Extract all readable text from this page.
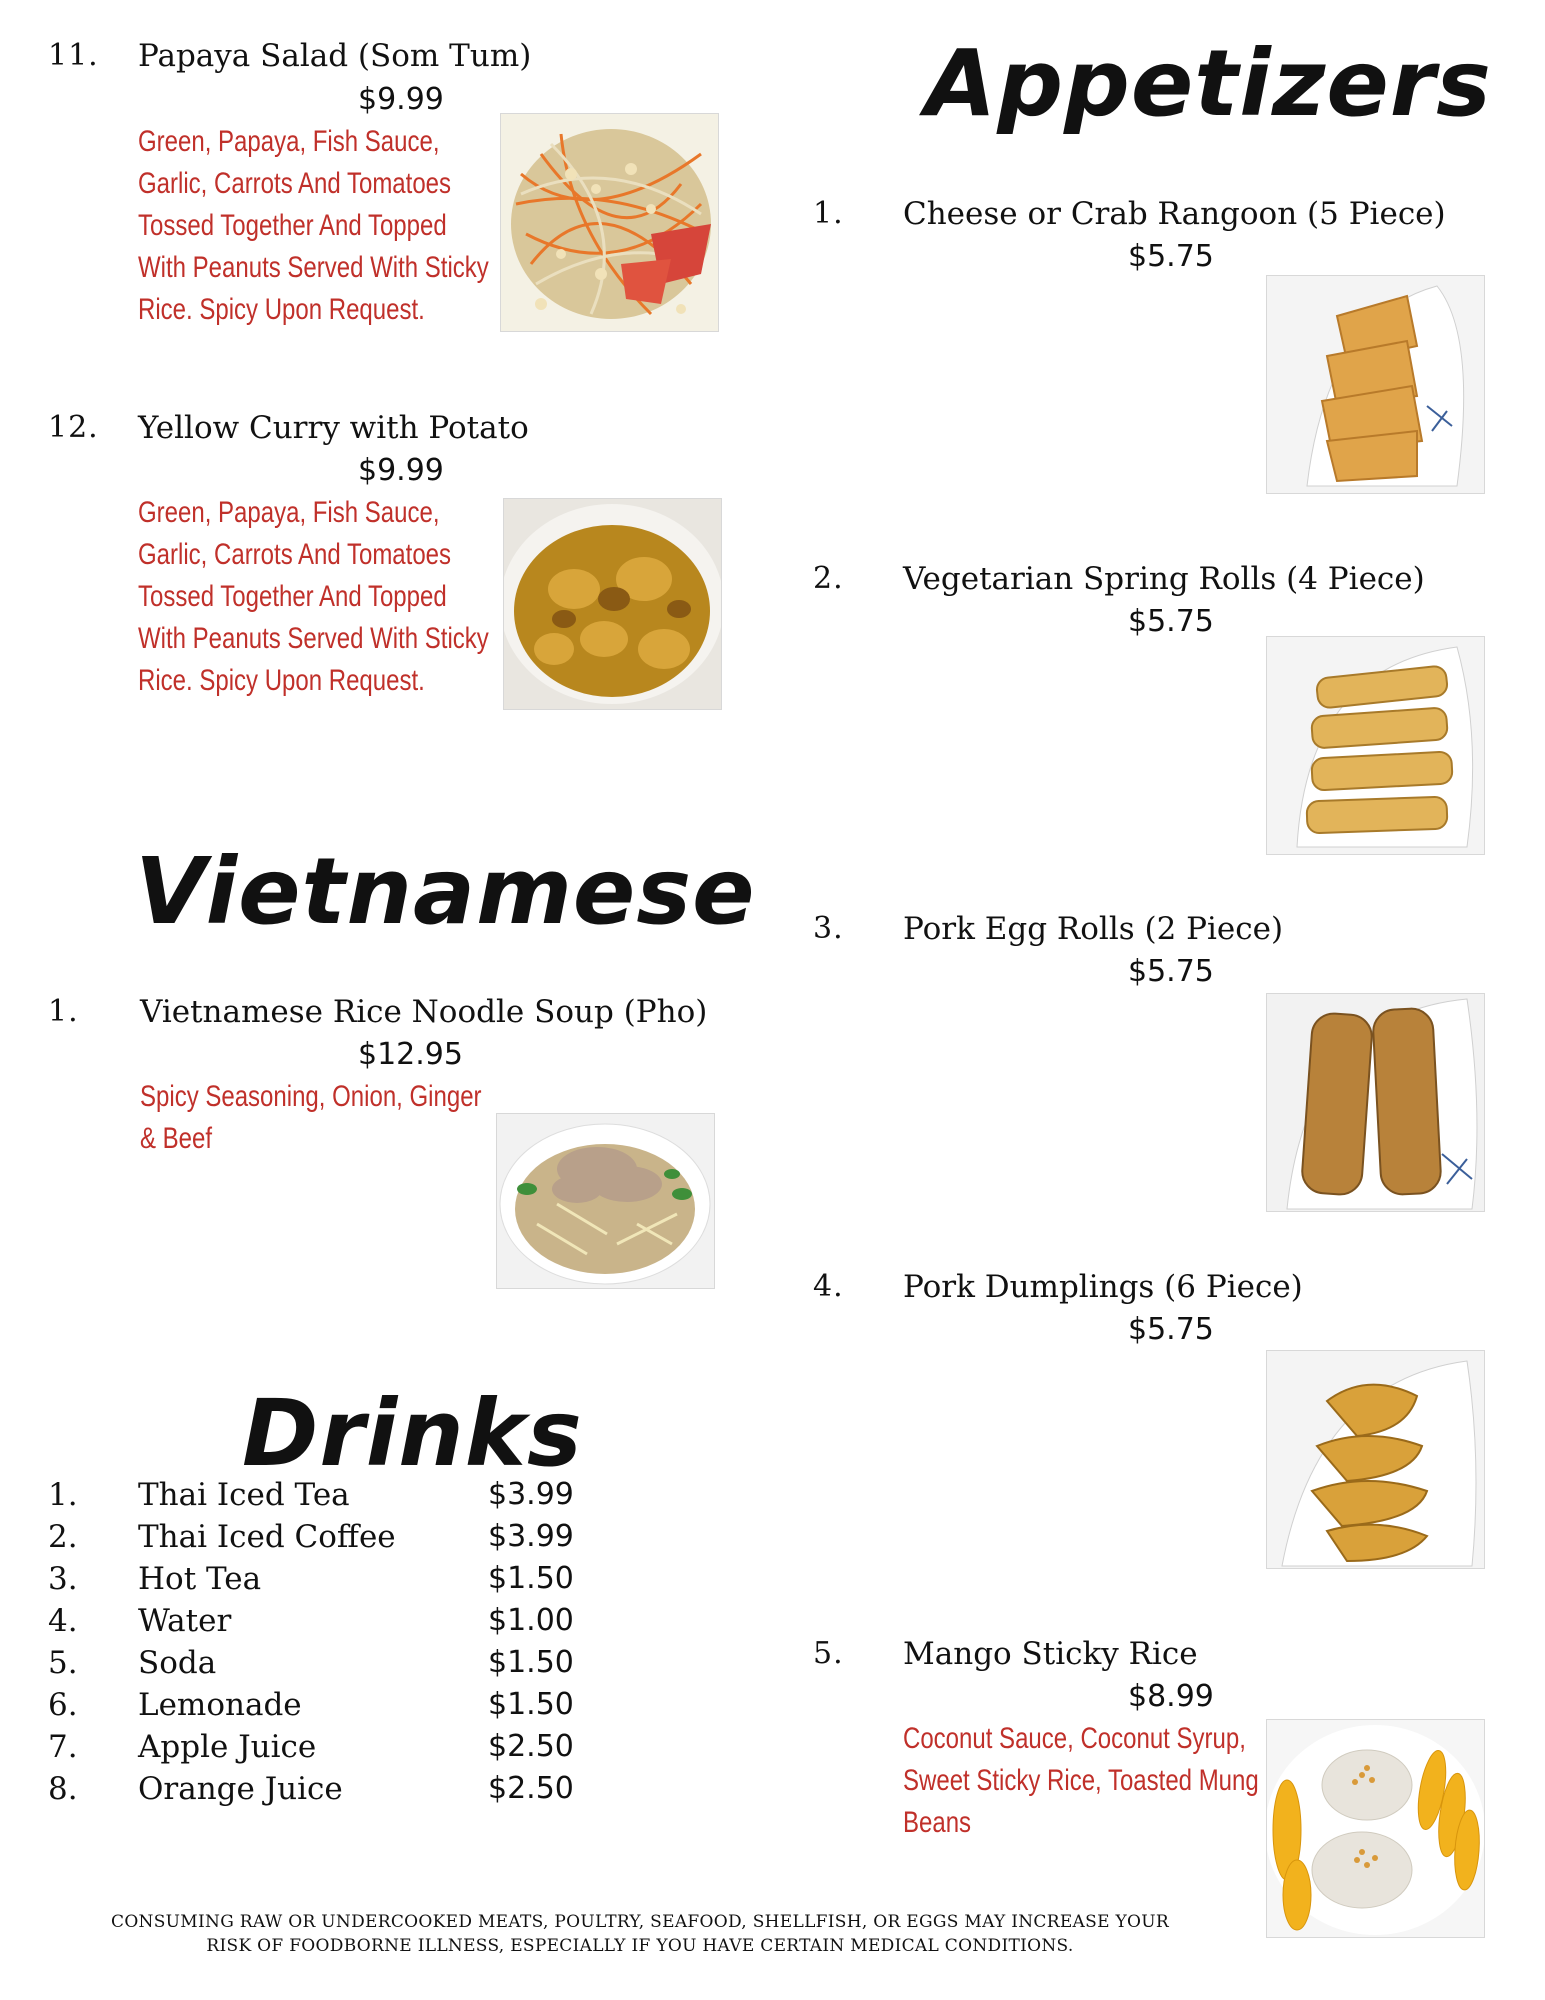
11. Papaya Salad (Som Tum)
$9.99
Green, Papaya, Fish Sauce,
Garlic, Carrots And Tomatoes
Tossed Together And Topped
With Peanuts Served With Sticky
Rice. Spicy Upon Request.
12. Yellow Curry with Potato
$9.99
Green, Papaya, Fish Sauce,
Garlic, Carrots And Tomatoes
Tossed Together And Topped
With Peanuts Served With Sticky
Rice. Spicy Upon Request.
Vietnamese
1. Vietnamese Rice Noodle Soup (Pho)
$12.95
Spicy Seasoning, Onion, Ginger
& Beef
Drinks
1. Thai Iced Tea	$3.99
2. Thai Iced Coffee	$3.99
3. Hot Tea	$1.50
4. Water	$1.00
5. Soda	$1.50
6. Lemonade	$1.50
7. Apple Juice	$2.50
8. Orange Juice	$2.50
Appetizers
1. Cheese or Crab Rangoon (5 Piece)
$5.75
2. Vegetarian Spring Rolls (4 Piece)
$5.75
3. Pork Egg Rolls (2 Piece)
$5.75
4. Pork Dumplings (6 Piece)
$5.75
5. Mango Sticky Rice
$8.99
Coconut Sauce, Coconut Syrup,
Sweet Sticky Rice, Toasted Mung
Beans
CONSUMING RAW OR UNDERCOOKED MEATS, POULTRY, SEAFOOD, SHELLFISH, OR EGGS MAY INCREASE YOUR
RISK OF FOODBORNE ILLNESS, ESPECIALLY IF YOU HAVE CERTAIN MEDICAL CONDITIONS.
